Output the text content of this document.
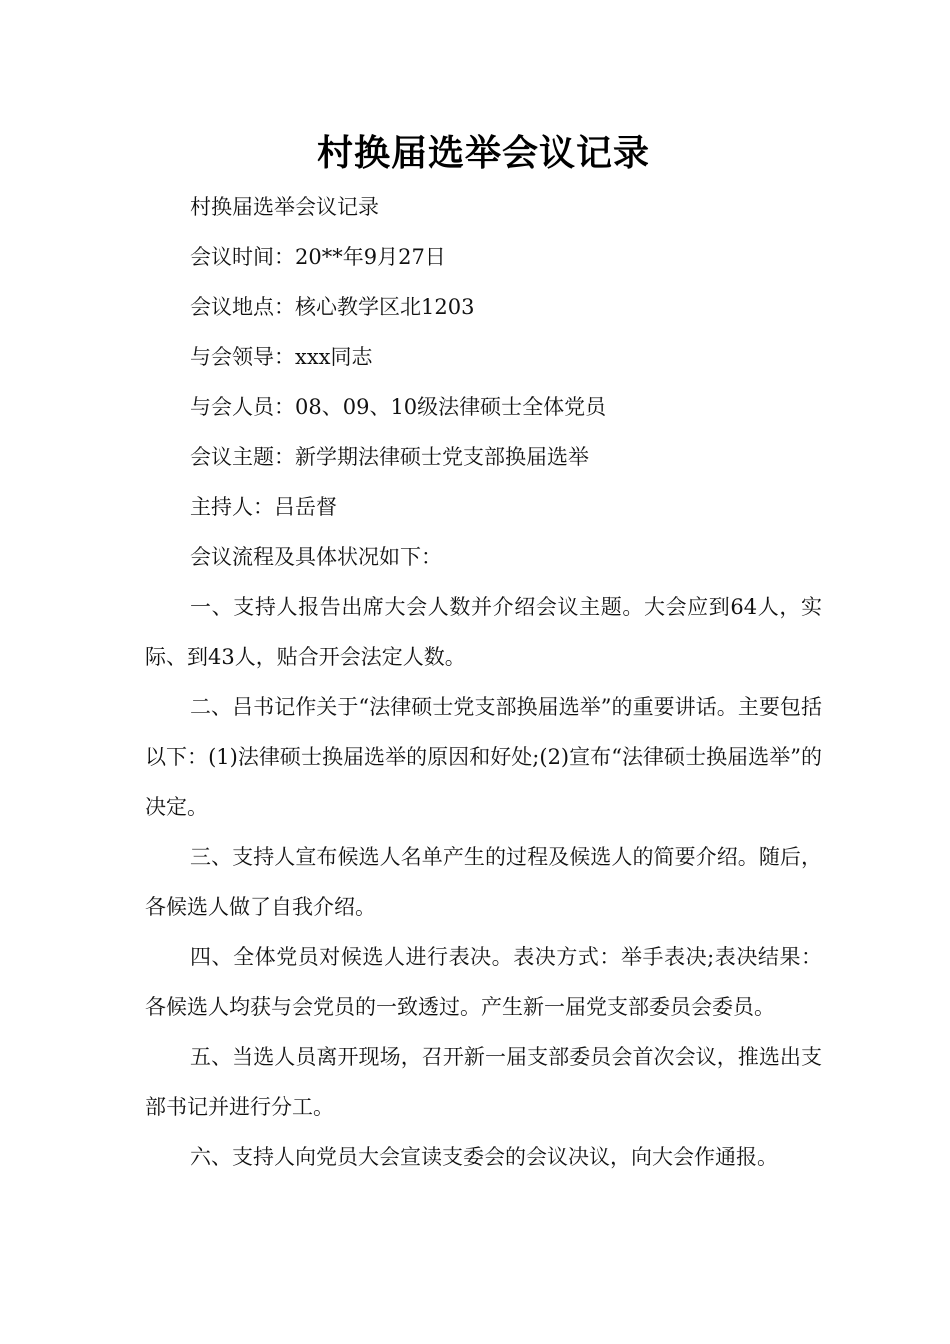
村换届选举会议记录

村换届选举会议记录

会议时间：20**年9月27日

会议地点：核心教学区北1203

与会领导：xxx同志

与会人员：08、09、10级法律硕士全体党员

会议主题：新学期法律硕士党支部换届选举

主持人：吕岳督

会议流程及具体状况如下：

一、支持人报告出席大会人数并介绍会议主题。大会应到64人，实际、到43人，贴合开会法定人数。

二、吕书记作关于“法律硕士党支部换届选举”的重要讲话。主要包括以下：(1)法律硕士换届选举的原因和好处;(2)宣布“法律硕士换届选举”的决定。

三、支持人宣布候选人名单产生的过程及候选人的简要介绍。随后，各候选人做了自我介绍。

四、全体党员对候选人进行表决。表决方式：举手表决;表决结果：各候选人均获与会党员的一致透过。产生新一届党支部委员会委员。

五、当选人员离开现场，召开新一届支部委员会首次会议，推选出支部书记并进行分工。

六、支持人向党员大会宣读支委会的会议决议，向大会作通报。
